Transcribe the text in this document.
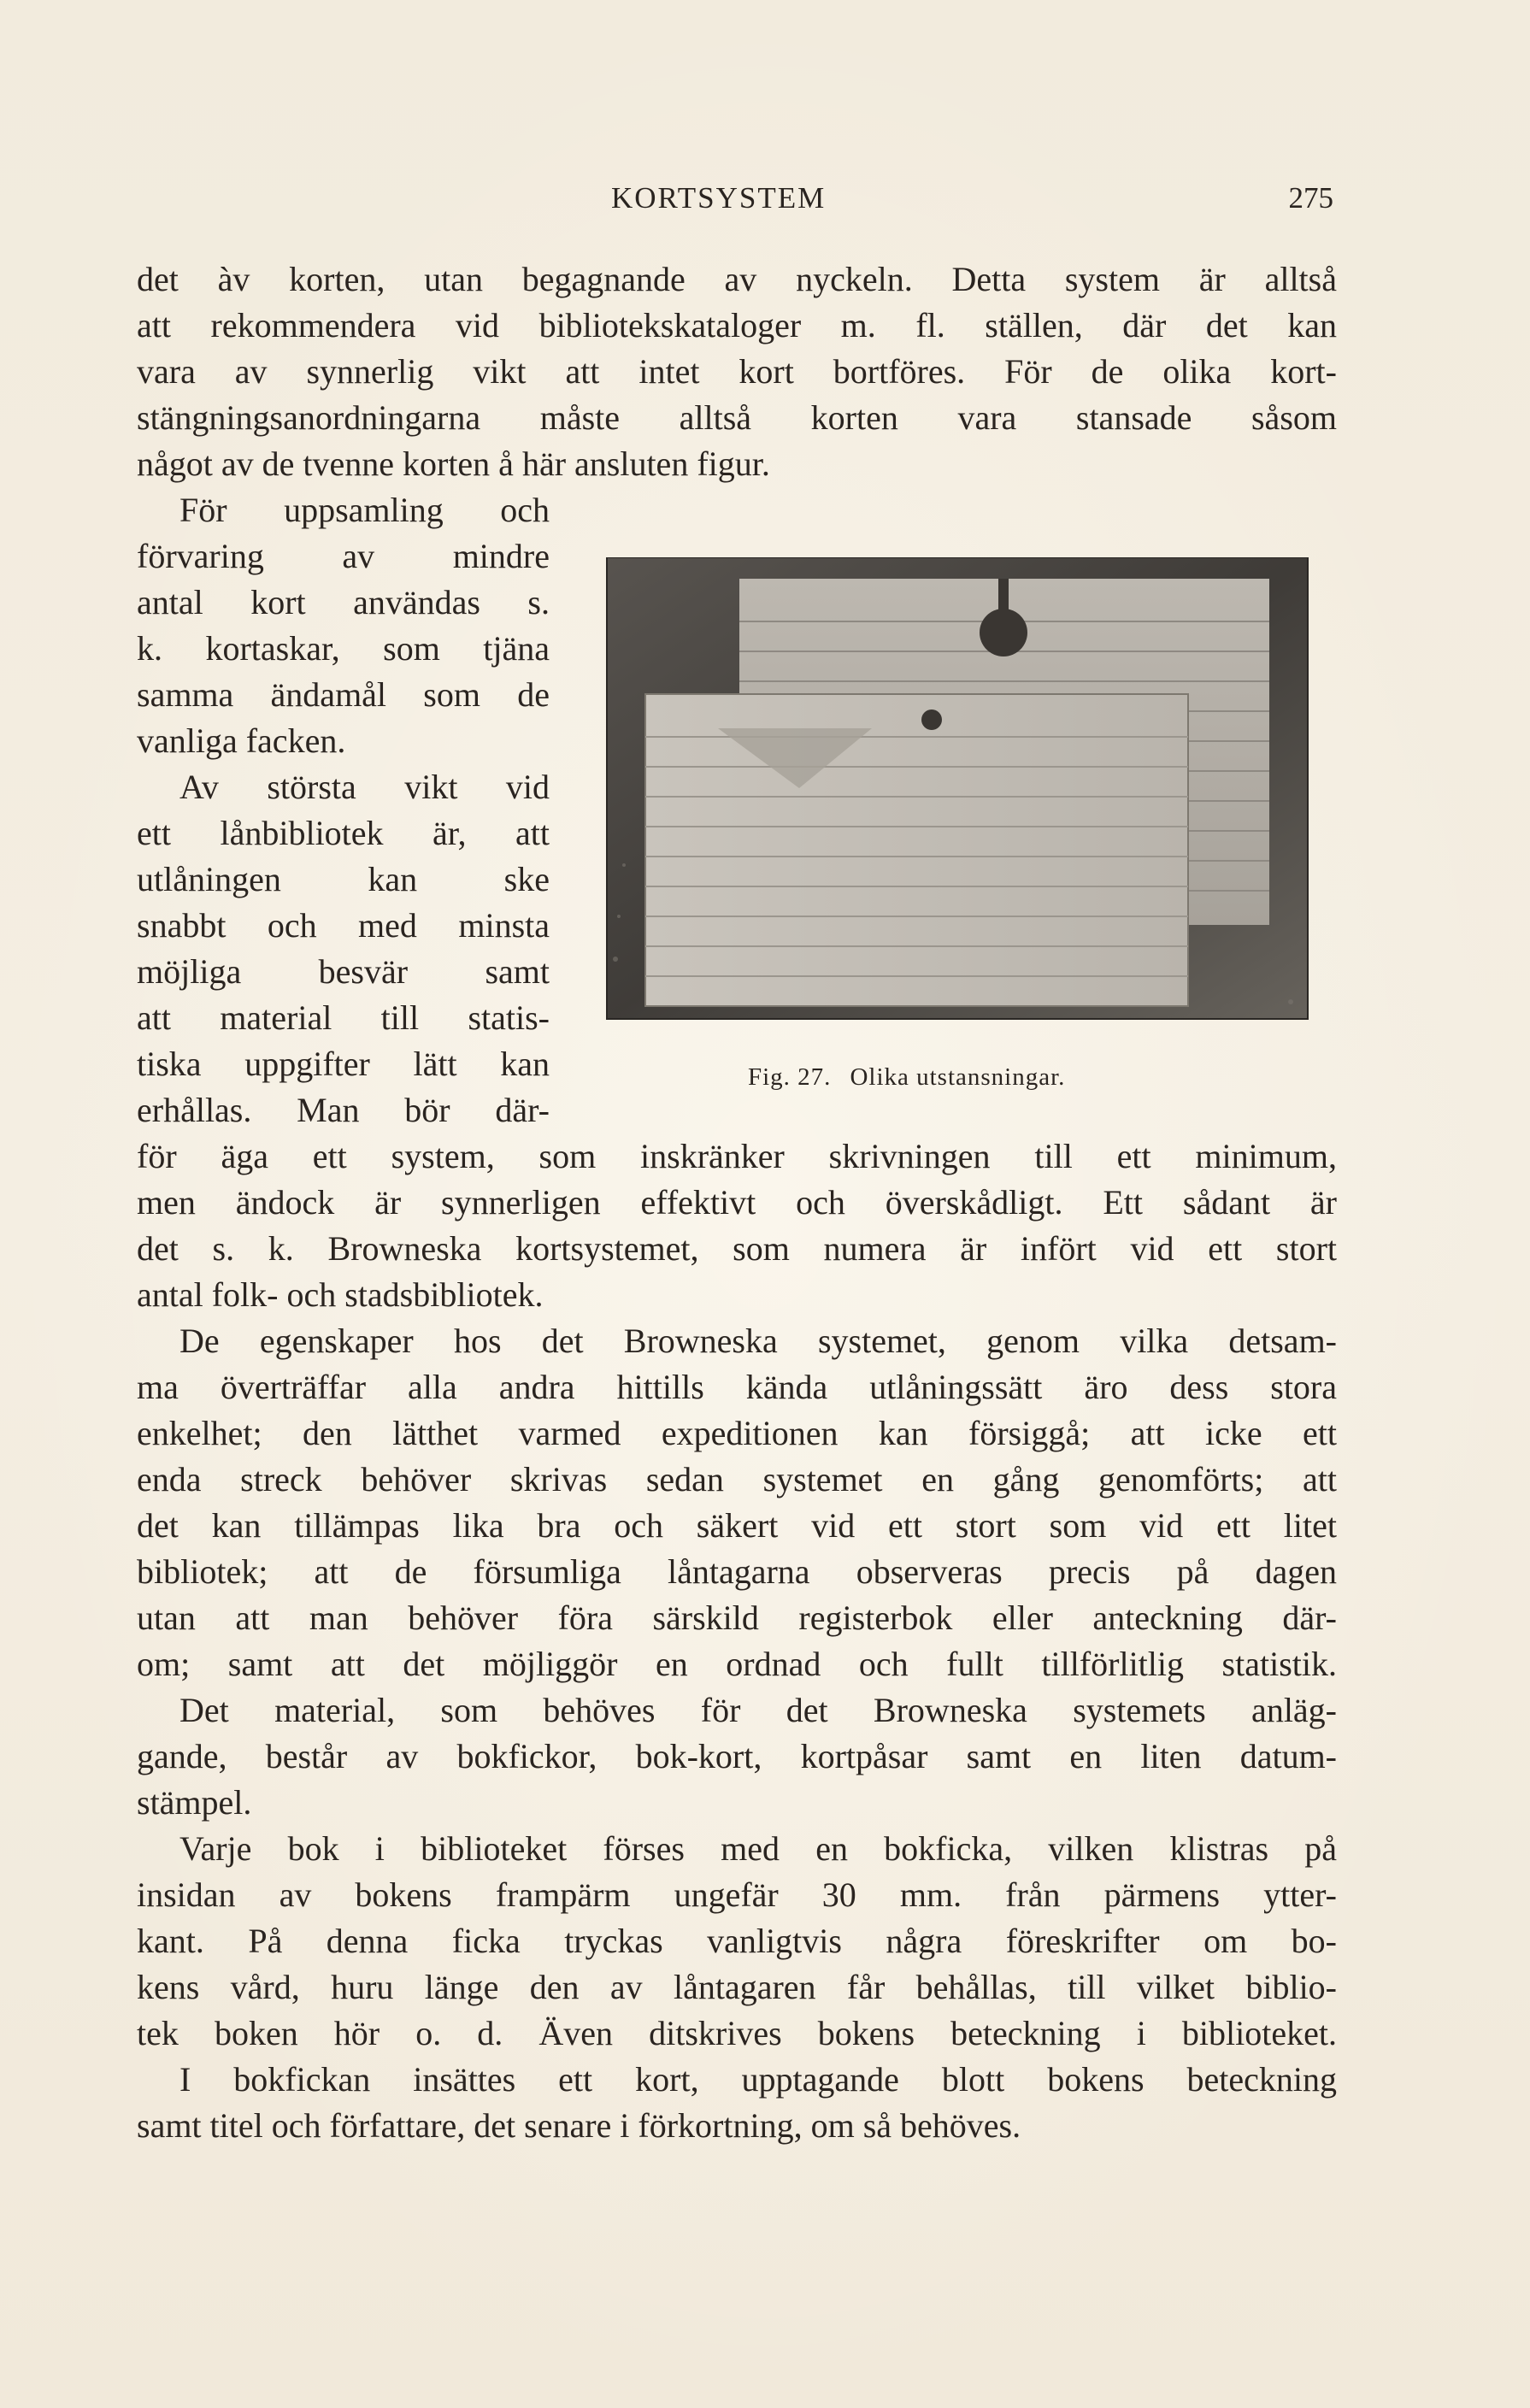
KORTSYSTEM	275
det àv korten, utan begagnande av nyckeln. Detta system är alltså
att rekommendera vid bibliotekskataloger m. fl. ställen, där det kan
vara av synnerlig vikt att intet kort bortföres. För de olika kort-
stängningsanordningarna måste alltså korten vara stansade såsom
något av de tvenne korten å här ansluten figur.
För uppsamling och
förvaring av mindre
antal kort användas s.
k. kortaskar, som tjäna
samma ändamål som de
vanliga facken.
Av största vikt vid
ett lånbibliotek är, att
utlåningen kan ske
snabbt och med minsta
möjliga besvär samt
att material till statis-
tiska uppgifter lätt kan
erhållas. Man bör där-
för äga ett system, som inskränker skrivningen till ett minimum,
men ändock är synnerligen effektivt och överskådligt. Ett sådant är
det s. k. Browneska kortsystemet, som numera är infört vid ett stort
antal folk- och stadsbibliotek.
De egenskaper hos det Browneska systemet, genom vilka detsam-
ma överträffar alla andra hittills kända utlåningssätt äro dess stora
enkelhet; den lätthet varmed expeditionen kan försiggå; att icke ett
enda streck behöver skrivas sedan systemet en gång genomförts; att
det kan tillämpas lika bra och säkert vid ett stort som vid ett litet
bibliotek; att de försumliga låntagarna observeras precis på dagen
utan att man behöver föra särskild registerbok eller anteckning där-
om; samt att det möjliggör en ordnad och fullt tillförlitlig statistik.
Det material, som behöves för det Browneska systemets anläg-
gande, består av bokfickor, bok-kort, kortpåsar samt en liten datum-
stämpel.
Varje bok i biblioteket förses med en bokficka, vilken klistras på
insidan av bokens frampärm ungefär 30 mm. från pärmens ytter-
kant. På denna ficka tryckas vanligtvis några föreskrifter om bo-
kens vård, huru länge den av låntagaren får behållas, till vilket biblio-
tek boken hör o. d. Även ditskrives bokens beteckning i biblioteket.
I bokfickan insättes ett kort, upptagande blott bokens beteckning
samt titel och författare, det senare i förkortning, om så behöves.
Fig. 27. Olika utstansningar.
